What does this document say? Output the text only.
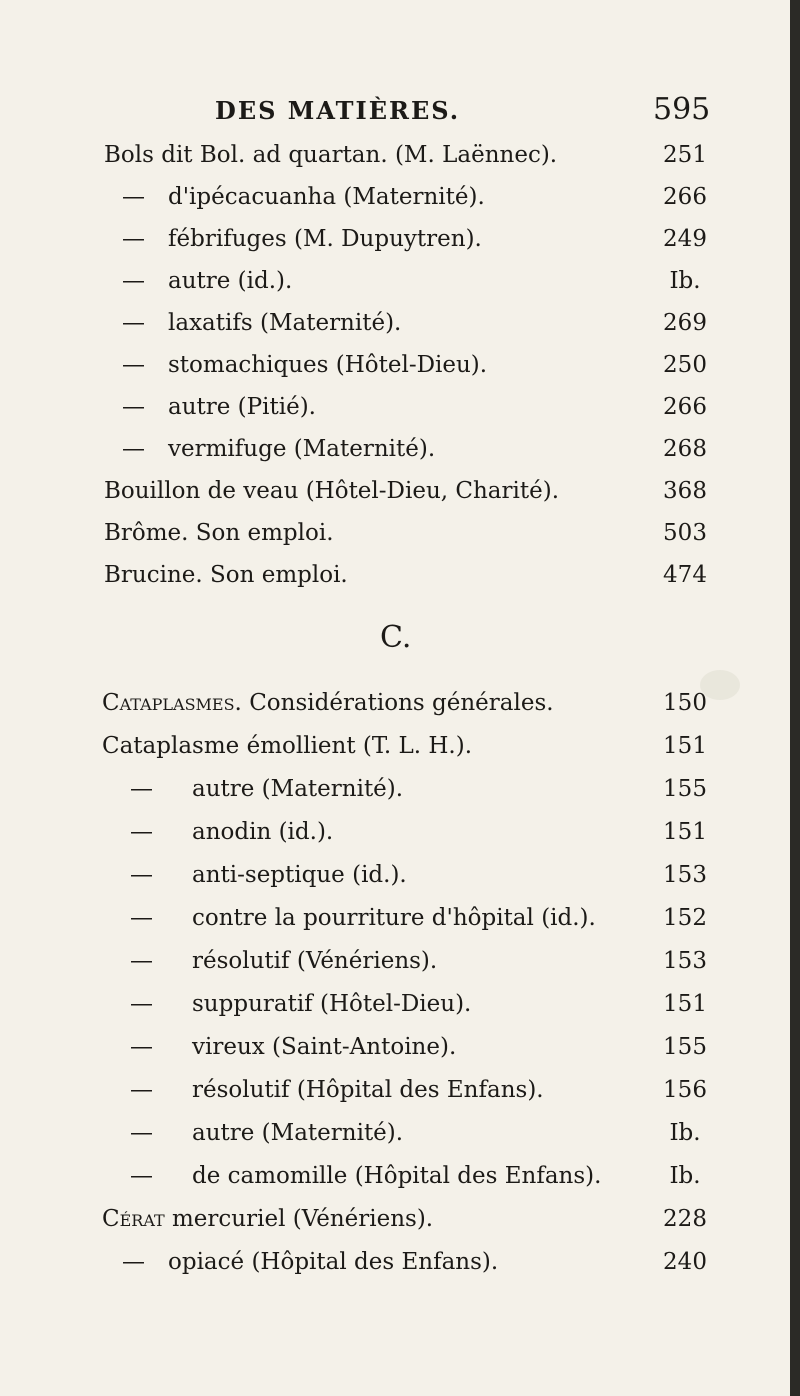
DES MATIÈRES.	595
Bols dit Bol. ad quartan. (M. Laënnec).	251
— d'ipécacuanha (Maternité).	266
— fébrifuges (M. Dupuytren).	249
— autre (id.).	Ib.
— laxatifs (Maternité).	269
— stomachiques (Hôtel-Dieu).	250
— autre (Pitié).	266
— vermifuge (Maternité).	268
Bouillon de veau (Hôtel-Dieu, Charité).	368
Brôme. Son emploi.	503
Brucine. Son emploi.	474
C.
Cataplasmes. Considérations générales.	150
Cataplasme émollient (T. L. H.).	151
— autre (Maternité).	155
— anodin (id.).	151
— anti-septique (id.).	153
— contre la pourriture d'hôpital (id.).	152
— résolutif (Vénériens).	153
— suppuratif (Hôtel-Dieu).	151
— vireux (Saint-Antoine).	155
— résolutif (Hôpital des Enfans).	156
— autre (Maternité).	Ib.
— de camomille (Hôpital des Enfans).	Ib.
Cérat mercuriel (Vénériens).	228
— opiacé (Hôpital des Enfans).	240
